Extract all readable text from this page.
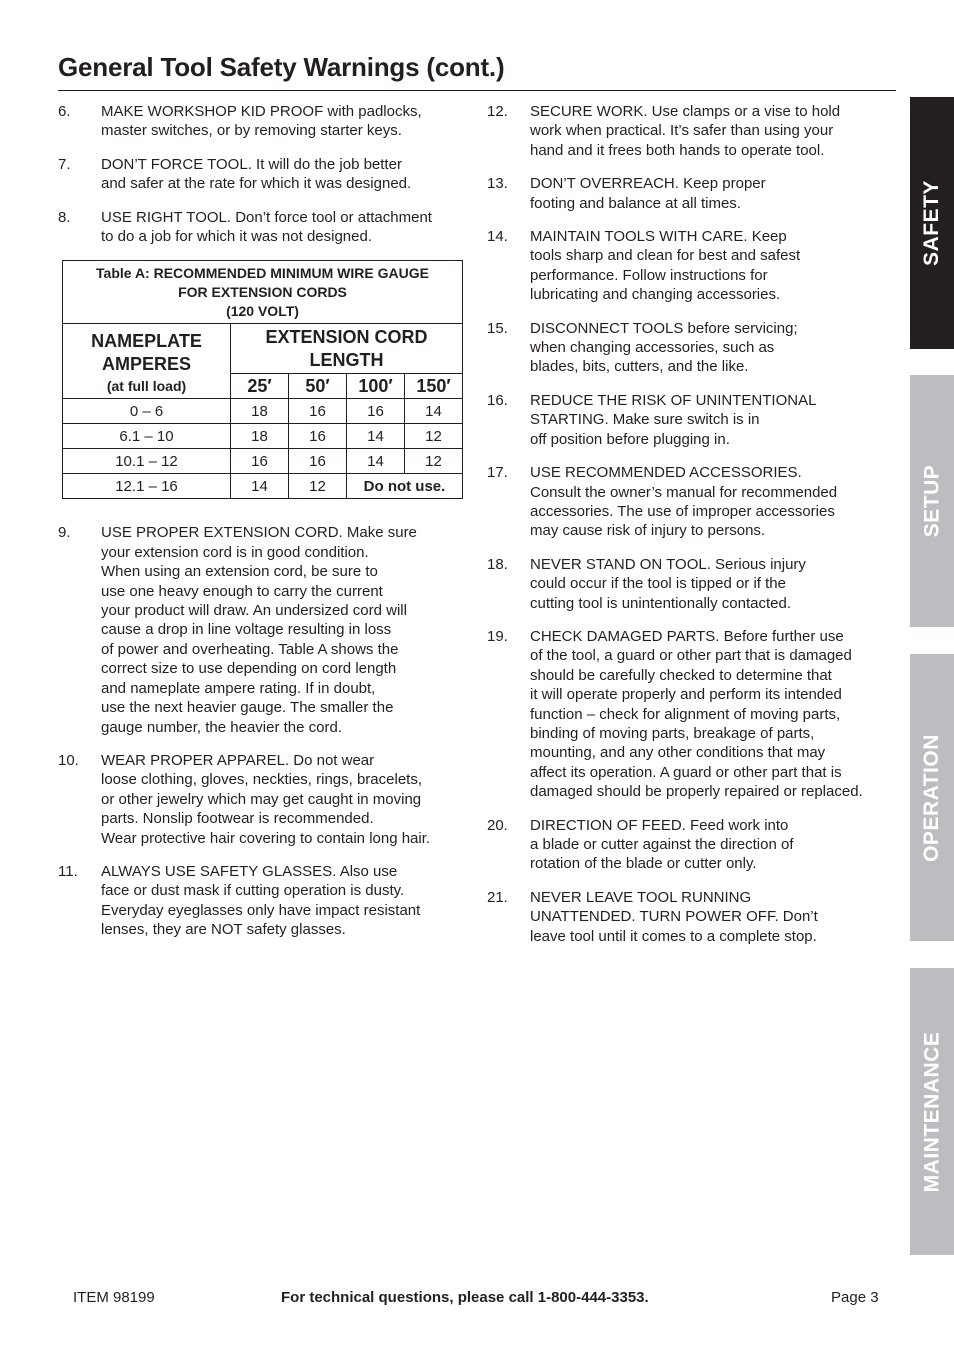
General Tool Safety Warnings (cont.)
6.	MAKE WORKSHOP KID PROOF with padlocks,
master switches, or by removing starter keys.
7.	DON’T FORCE TOOL. It will do the job better
and safer at the rate for which it was designed.
8.	USE RIGHT TOOL. Don’t force tool or attachment
to do a job for which it was not designed.
Table A: RECOMMENDED MINIMUM WIRE GAUGE
FOR EXTENSION CORDS
(120 VOLT)				

NAMEPLATE
AMPERES
(at full load)	EXTENSION CORD
LENGTH			

	25′	50′	100′	150′
0 – 6	18	16	16	14
6.1 – 10	18	16	14	12
10.1 – 12	16	16	14	12
12.1 – 16	14	12	Do not use.	
9.	USE PROPER EXTENSION CORD. Make sure
your extension cord is in good condition.
When using an extension cord, be sure to
use one heavy enough to carry the current
your product will draw. An undersized cord will
cause a drop in line voltage resulting in loss
of power and overheating. Table A shows the
correct size to use depending on cord length
and nameplate ampere rating. If in doubt,
use the next heavier gauge. The smaller the
gauge number, the heavier the cord.
10.	WEAR PROPER APPAREL. Do not wear
loose clothing, gloves, neckties, rings, bracelets,
or other jewelry which may get caught in moving
parts. Nonslip footwear is recommended.
Wear protective hair covering to contain long hair.
11.	ALWAYS USE SAFETY GLASSES. Also use
face or dust mask if cutting operation is dusty.
Everyday eyeglasses only have impact resistant
lenses, they are NOT safety glasses.
12.	SECURE WORK. Use clamps or a vise to hold
work when practical. It’s safer than using your
hand and it frees both hands to operate tool.
13.	DON’T OVERREACH. Keep proper
footing and balance at all times.
14.	MAINTAIN TOOLS WITH CARE. Keep
tools sharp and clean for best and safest
performance. Follow instructions for
lubricating and changing accessories.
15.	DISCONNECT TOOLS before servicing;
when changing accessories, such as
blades, bits, cutters, and the like.
16.	REDUCE THE RISK OF UNINTENTIONAL
STARTING. Make sure switch is in
off position before plugging in.
17.	USE RECOMMENDED ACCESSORIES.
Consult the owner’s manual for recommended
accessories. The use of improper accessories
may cause risk of injury to persons.
18.	NEVER STAND ON TOOL. Serious injury
could occur if the tool is tipped or if the
cutting tool is unintentionally contacted.
19.	CHECK DAMAGED PARTS. Before further use
of the tool, a guard or other part that is damaged
should be carefully checked to determine that
it will operate properly and perform its intended
function – check for alignment of moving parts,
binding of moving parts, breakage of parts,
mounting, and any other conditions that may
affect its operation. A guard or other part that is
damaged should be properly repaired or replaced.
20.	DIRECTION OF FEED. Feed work into
a blade or cutter against the direction of
rotation of the blade or cutter only.
21.	NEVER LEAVE TOOL RUNNING
UNATTENDED. TURN POWER OFF. Don’t
leave tool until it comes to a complete stop.
SAFETY
SETUP
OPERATION
MAINTENANCE
ITEM 98199	For technical questions, please call 1-800-444-3353.	Page 3
